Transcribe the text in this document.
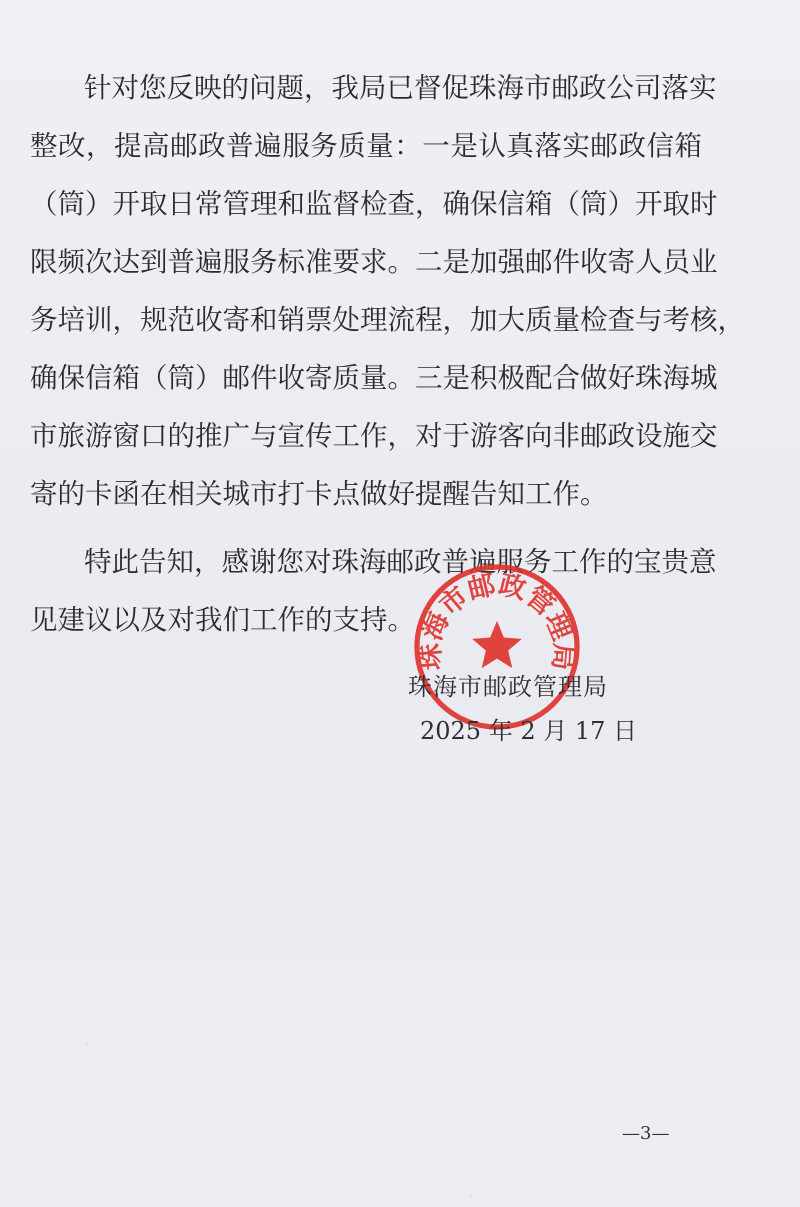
针对您反映的问题，我局已督促珠海市邮政公司落实
整改，提高邮政普遍服务质量：一是认真落实邮政信箱
（筒）开取日常管理和监督检查，确保信箱（筒）开取时
限频次达到普遍服务标准要求。二是加强邮件收寄人员业
务培训，规范收寄和销票处理流程，加大质量检查与考核，
确保信箱（筒）邮件收寄质量。三是积极配合做好珠海城
市旅游窗口的推广与宣传工作，对于游客向非邮政设施交
寄的卡函在相关城市打卡点做好提醒告知工作。
特此告知，感谢您对珠海邮政普遍服务工作的宝贵意
见建议以及对我们工作的支持。
珠海市邮政管理局
珠海市邮政管理局
2025 年 2 月 17 日
—3—
